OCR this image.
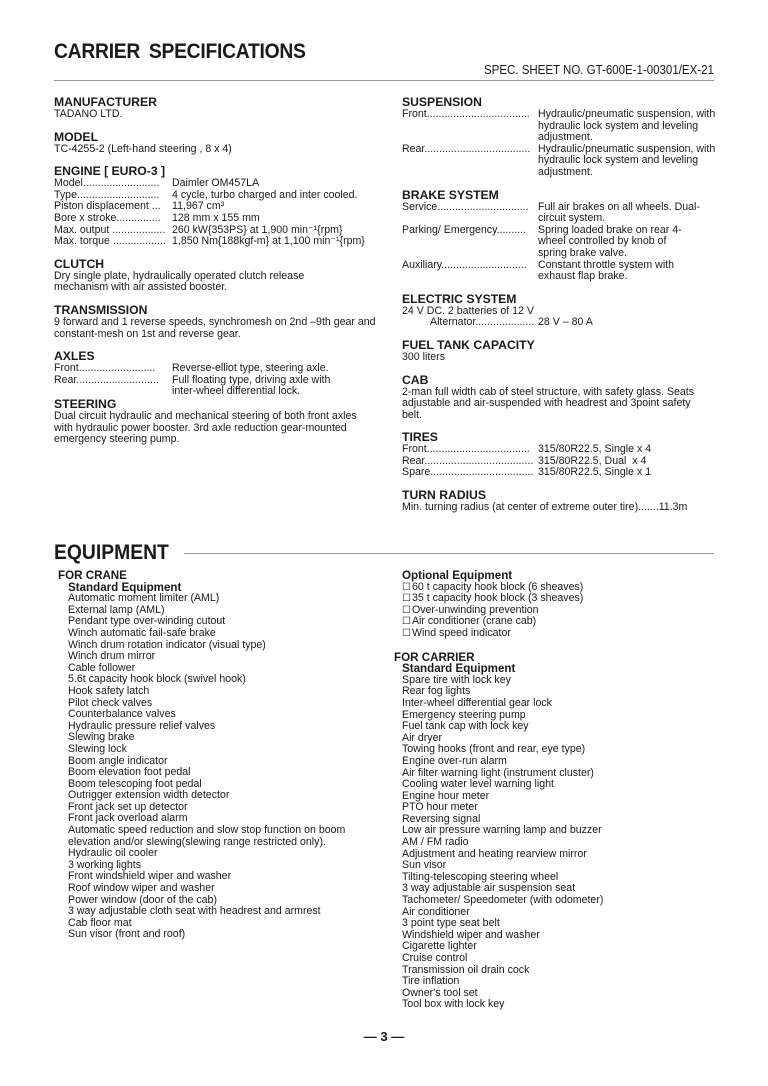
CARRIER SPECIFICATIONS

SPEC. SHEET NO. GT-600E-1-00301/EX-21

MANUFACTURER

TADANO LTD.

MODEL

TC-4255-2 (Left-hand steering , 8 x 4)

ENGINE [ EURO-3 ]

Model..........................	Daimler OM457LA
Type............................	4 cycle, turbo charged and inter cooled.
Piston displacement ...	11,967 cm³
Bore x stroke...............	128 mm x 155 mm
Max. output .................. 260 kW{353PS} at 1,900 min⁻¹{rpm}
Max. torque .................. 1,850 Nm{188kgf-m} at 1,100 min⁻¹{rpm}

CLUTCH

Dry single plate, hydraulically operated clutch release mechanism with air assisted booster.

TRANSMISSION

9 forward and 1 reverse speeds, synchromesh on 2nd –9th gear and constant-mesh on 1st and reverse gear.

AXLES

Front..........................	Reverse-elliot type, steering axle.
Rear............................	Full floating type, driving axle with inter-wheel differential lock.

STEERING

Dual circuit hydraulic and mechanical steering of both front axles with hydraulic power booster. 3rd axle reduction gear-mounted emergency steering pump.

SUSPENSION

Front................................... Hydraulic/pneumatic suspension, with hydraulic lock system and leveling adjustment.
Rear.................................... Hydraulic/pneumatic suspension, with hydraulic lock system and leveling adjustment.

BRAKE SYSTEM

Service............................... Full air brakes on all wheels. Dual-circuit system.
Parking/ Emergency..........	Spring loaded brake on rear 4-wheel controlled by knob of spring brake valve.
Auxiliary.............................	Constant throttle system with exhaust flap brake.

ELECTRIC SYSTEM

24 V DC. 2 batteries of 12 V

Alternator.................... 28 V – 80 A

FUEL TANK CAPACITY

300 liters

CAB

2-man full width cab of steel structure, with safety glass. Seats adjustable and air-suspended with headrest and 3point safety belt.

TIRES

Front................................... 315/80R22.5, Single x 4
Rear..................................... 315/80R22.5, Dual  x 4
Spare................................... 315/80R22.5, Single x 1

TURN RADIUS

Min. turning radius (at center of extreme outer tire).......11.3m

EQUIPMENT

FOR CRANE

Standard Equipment

Automatic moment limiter (AML)
External lamp (AML)
Pendant type over-winding cutout
Winch automatic fail-safe brake
Winch drum rotation indicator (visual type)
Winch drum mirror
Cable follower
5.6t capacity hook block (swivel hook)
Hook safety latch
Pilot check valves
Counterbalance valves
Hydraulic pressure relief valves
Slewing brake
Slewing lock
Boom angle indicator
Boom elevation foot pedal
Boom telescoping foot pedal
Outrigger extension width detector
Front jack set up detector
Front jack overload alarm
Automatic speed reduction and slow stop function on boom elevation and/or slewing(slewing range restricted only).
Hydraulic oil cooler
3 working lights
Front windshield wiper and washer
Roof window wiper and washer
Power window (door of the cab)
3 way adjustable cloth seat with headrest and armrest
Cab floor mat
Sun visor (front and roof)

Optional Equipment

☐ 60 t capacity hook block (6 sheaves)
☐ 35 t capacity hook block (3 sheaves)
☐ Over-unwinding prevention
☐ Air conditioner (crane cab)
☐ Wind speed indicator

FOR CARRIER

Standard Equipment

Spare tire with lock key
Rear fog lights
Inter-wheel differential gear lock
Emergency steering pump
Fuel tank cap with lock key
Air dryer
Towing hooks (front and rear, eye type)
Engine over-run alarm
Air filter warning light (instrument cluster)
Cooling water level warning light
Engine hour meter
PTO hour meter
Reversing signal
Low air pressure warning lamp and buzzer
AM / FM radio
Adjustment and heating rearview mirror
Sun visor
Tilting-telescoping steering wheel
3 way adjustable air suspension seat
Tachometer/ Speedometer (with odometer)
Air conditioner
3 point type seat belt
Windshield wiper and washer
Cigarette lighter
Cruise control
Transmission oil drain cock
Tire inflation
Owner's tool set
Tool box with lock key

— 3 —
